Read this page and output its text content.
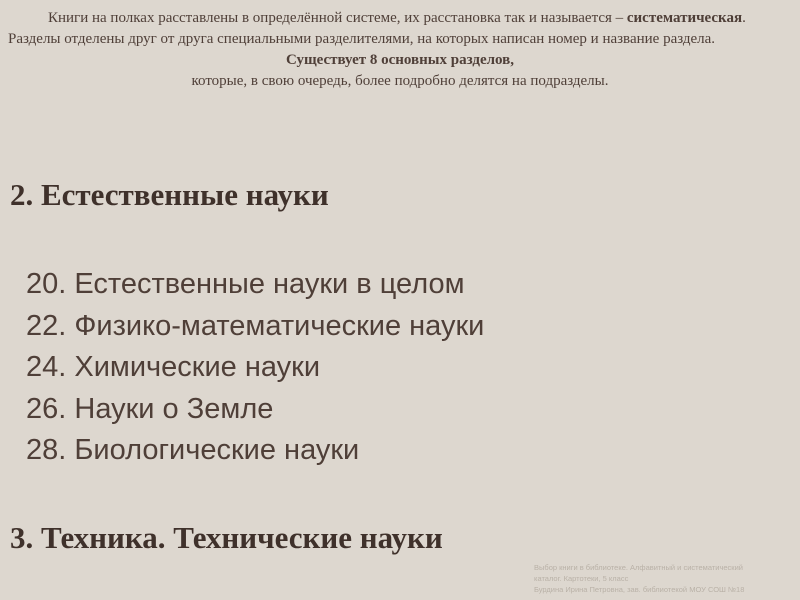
Книги на полках расставлены в определённой системе, их расстановка так и называется – систематическая. Разделы отделены друг от друга специальными разделителями, на которых написан номер и название раздела.

Существует 8 основных разделов,

которые, в свою очередь, более подробно делятся на подразделы.

2. Естественные науки
20. Естественные науки в целом
22. Физико-математические науки
24. Химические науки
26. Науки о Земле
28. Биологические науки
3. Техника. Технические науки
Выбор книги в библиотеке. Алфавитный и систематический
каталог. Картотеки, 5 класс
Бурдина Ирина Петровна, зав. библиотекой МОУ СОШ №18
